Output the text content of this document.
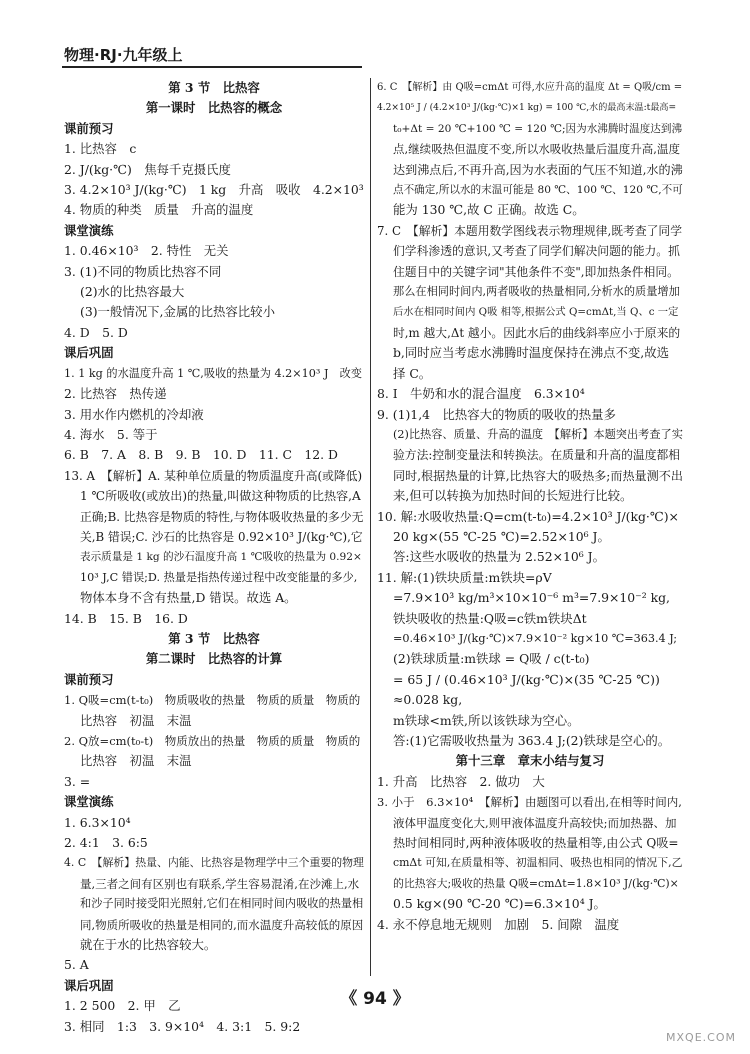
物理·RJ·九年级上
第 3 节　比热容
第一课时　比热容的概念
课前预习
1. 比热容　c
2. J/(kg·℃)　焦每千克摄氏度
3. 4.2×10³ J/(kg·℃)　1 kg　升高　吸收　4.2×10³
4. 物质的种类　质量　升高的温度
课堂演练
1. 0.46×10³　2. 特性　无关
3. (1)不同的物质比热容不同
(2)水的比热容最大
(3)一般情况下,金属的比热容比较小
4. D　5. D
课后巩固
1. 1 kg 的水温度升高 1 ℃,吸收的热量为 4.2×10³ J　改变
2. 比热容　热传递
3. 用水作内燃机的冷却液
4. 海水　5. 等于
6. B　7. A　8. B　9. B　10. D　11. C　12. D
13. A　【解析】A. 某种单位质量的物质温度升高(或降低)
1 ℃所吸收(或放出)的热量,叫做这种物质的比热容,A
正确;B. 比热容是物质的特性,与物体吸收热量的多少无
关,B 错误;C. 沙石的比热容是 0.92×10³ J/(kg·℃),它
表示质量是 1 kg 的沙石温度升高 1 ℃吸收的热量为 0.92×
10³ J,C 错误;D. 热量是指热传递过程中改变能量的多少,
物体本身不含有热量,D 错误。故选 A。
14. B　15. B　16. D
第 3 节　比热容
第二课时　比热容的计算
课前预习
1. Q吸=cm(t-t₀)　物质吸收的热量　物质的质量　物质的
比热容　初温　末温
2. Q放=cm(t₀-t)　物质放出的热量　物质的质量　物质的
比热容　初温　末温
3. =
课堂演练
1. 6.3×10⁴
2. 4:1　3. 6:5
4. C　【解析】热量、内能、比热容是物理学中三个重要的物理
量,三者之间有区别也有联系,学生容易混淆,在沙滩上,水
和沙子同时接受阳光照射,它们在相同时间内吸收的热量相
同,物质所吸收的热量是相同的,而水温度升高较低的原因
就在于水的比热容较大。
5. A
课后巩固
1. 2 500　2. 甲　乙
3. 相同　1:3　3. 9×10⁴　4. 3:1　5. 9:2
6. C　【解析】由 Q吸=cmΔt 可得,水应升高的温度 Δt = Q吸/cm =
4.2×10⁵ J / (4.2×10³ J/(kg·℃)×1 kg) = 100 ℃,水的最高末温:t最高=
t₀+Δt = 20 ℃+100 ℃ = 120 ℃;因为水沸腾时温度达到沸
点,继续吸热但温度不变,所以水吸收热量后温度升高,温度
达到沸点后,不再升高,因为水表面的气压不知道,水的沸
点不确定,所以水的末温可能是 80 ℃、100 ℃、120 ℃,不可
能为 130 ℃,故 C 正确。故选 C。
7. C　【解析】本题用数学图线表示物理规律,既考查了同学
们学科渗透的意识,又考查了同学们解决问题的能力。抓
住题目中的关键字词"其他条件不变",即加热条件相同。
那么在相同时间内,两者吸收的热量相同,分析水的质量增加
后水在相同时间内 Q吸 相等,根据公式 Q=cmΔt,当 Q、c 一定
时,m 越大,Δt 越小。因此水后的曲线斜率应小于原来的
b,同时应当考虑水沸腾时温度保持在沸点不变,故选
择 C。
8. I　牛奶和水的混合温度　6.3×10⁴
9. (1)1,4　比热容大的物质的吸收的热量多
(2)比热容、质量、升高的温度　【解析】本题突出考查了实
验方法:控制变量法和转换法。在质量和升高的温度都相
同时,根据热量的计算,比热容大的吸热多;而热量测不出
来,但可以转换为加热时间的长短进行比较。
10. 解:水吸收热量:Q=cm(t-t₀)=4.2×10³ J/(kg·℃)×
20 kg×(55 ℃-25 ℃)=2.52×10⁶ J。
答:这些水吸收的热量为 2.52×10⁶ J。
11. 解:(1)铁块质量:m铁块=ρV
=7.9×10³ kg/m³×10×10⁻⁶ m³=7.9×10⁻² kg,
铁块吸收的热量:Q吸=c铁m铁块Δt
=0.46×10³ J/(kg·℃)×7.9×10⁻² kg×10 ℃=363.4 J;
(2)铁球质量:m铁球 = Q吸 / c(t-t₀)
= 65 J / (0.46×10³ J/(kg·℃)×(35 ℃-25 ℃))
≈0.028 kg,
m铁球<m铁,所以该铁球为空心。
答:(1)它需吸收热量为 363.4 J;(2)铁球是空心的。
第十三章　章末小结与复习
1. 升高　比热容　2. 做功　大
3. 小于　6.3×10⁴　【解析】由题图可以看出,在相等时间内,
液体甲温度变化大,则甲液体温度升高较快;而加热器、加
热时间相同时,两种液体吸收的热量相等,由公式 Q吸=
cmΔt 可知,在质量相等、初温相同、吸热也相同的情况下,乙
的比热容大;吸收的热量 Q吸=cmΔt=1.8×10³ J/(kg·℃)×
0.5 kg×(90 ℃-20 ℃)=6.3×10⁴ J。
4. 永不停息地无规则　加剧　5. 间隙　温度
《 94 》
MXQE.COM
